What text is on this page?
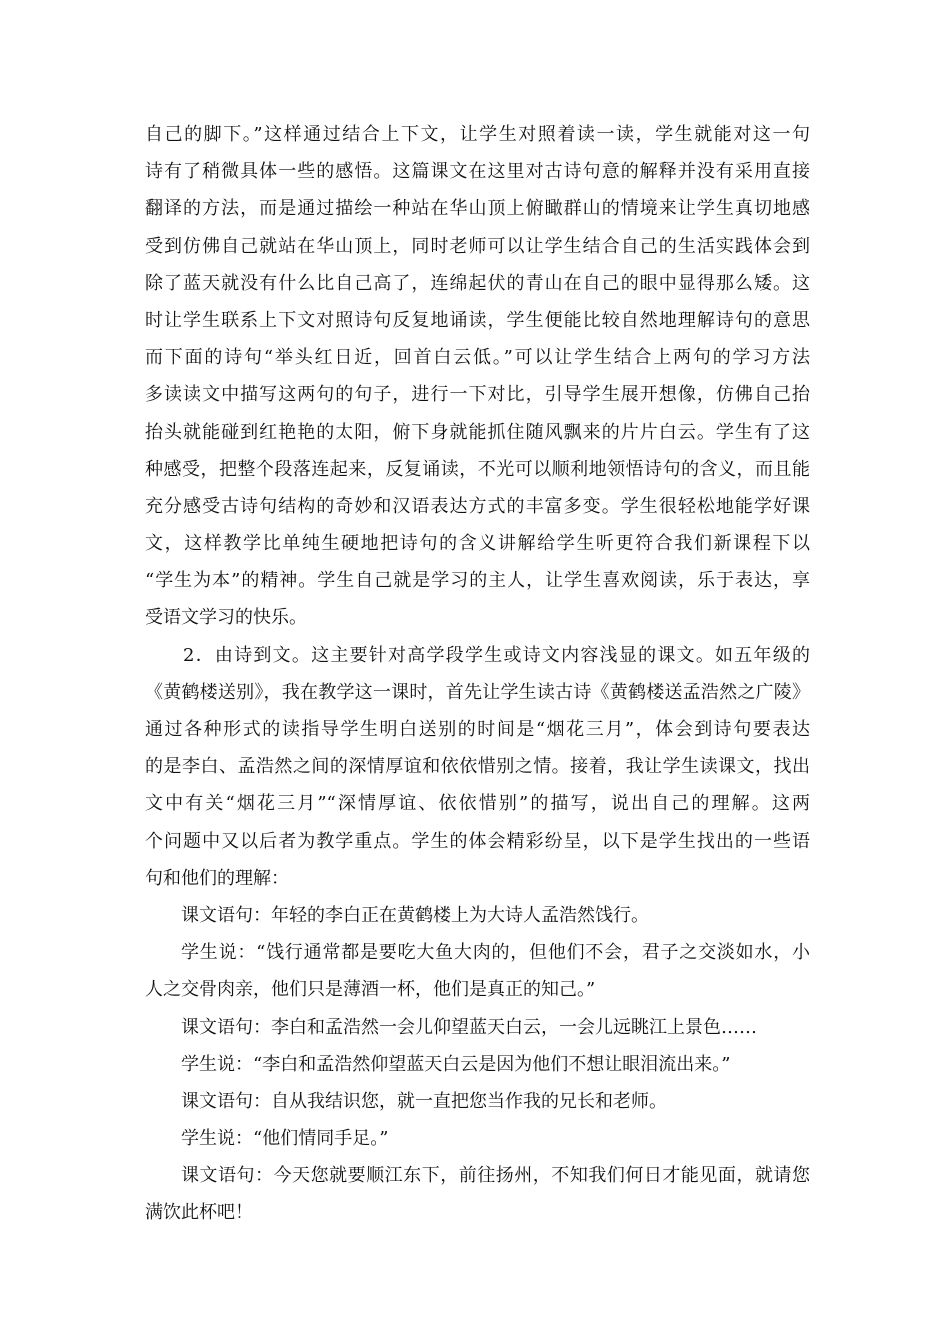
自己的脚下。”这样通过结合上下文，让学生对照着读一读，学生就能对这一句
诗有了稍微具体一些的感悟。这篇课文在这里对古诗句意的解释并没有采用直接
翻译的方法，而是通过描绘一种站在华山顶上俯瞰群山的情境来让学生真切地感
受到仿佛自己就站在华山顶上，同时老师可以让学生结合自己的生活实践体会到
除了蓝天就没有什么比自己高了，连绵起伏的青山在自己的眼中显得那么矮。这
时让学生联系上下文对照诗句反复地诵读，学生便能比较自然地理解诗句的意思
而下面的诗句“举头红日近，回首白云低。”可以让学生结合上两句的学习方法
多读读文中描写这两句的句子，进行一下对比，引导学生展开想像，仿佛自己抬
抬头就能碰到红艳艳的太阳，俯下身就能抓住随风飘来的片片白云。学生有了这
种感受，把整个段落连起来，反复诵读，不光可以顺利地领悟诗句的含义，而且能
充分感受古诗句结构的奇妙和汉语表达方式的丰富多变。学生很轻松地能学好课
文，这样教学比单纯生硬地把诗句的含义讲解给学生听更符合我们新课程下以
“学生为本”的精神。学生自己就是学习的主人，让学生喜欢阅读，乐于表达，享
受语文学习的快乐。
2．由诗到文。这主要针对高学段学生或诗文内容浅显的课文。如五年级的
《黄鹤楼送别》，我在教学这一课时，首先让学生读古诗《黄鹤楼送孟浩然之广陵》
通过各种形式的读指导学生明白送别的时间是“烟花三月”，体会到诗句要表达
的是李白、孟浩然之间的深情厚谊和依依惜别之情。接着，我让学生读课文，找出
文中有关“烟花三月”“深情厚谊、依依惜别”的描写，说出自己的理解。这两
个问题中又以后者为教学重点。学生的体会精彩纷呈，以下是学生找出的一些语
句和他们的理解：
课文语句：年轻的李白正在黄鹤楼上为大诗人孟浩然饯行。
学生说：“饯行通常都是要吃大鱼大肉的，但他们不会，君子之交淡如水，小
人之交骨肉亲，他们只是薄酒一杯，他们是真正的知己。”
课文语句：李白和孟浩然一会儿仰望蓝天白云，一会儿远眺江上景色……
学生说：“李白和孟浩然仰望蓝天白云是因为他们不想让眼泪流出来。”
课文语句：自从我结识您，就一直把您当作我的兄长和老师。
学生说：“他们情同手足。”
课文语句：今天您就要顺江东下，前往扬州，不知我们何日才能见面，就请您
满饮此杯吧！
